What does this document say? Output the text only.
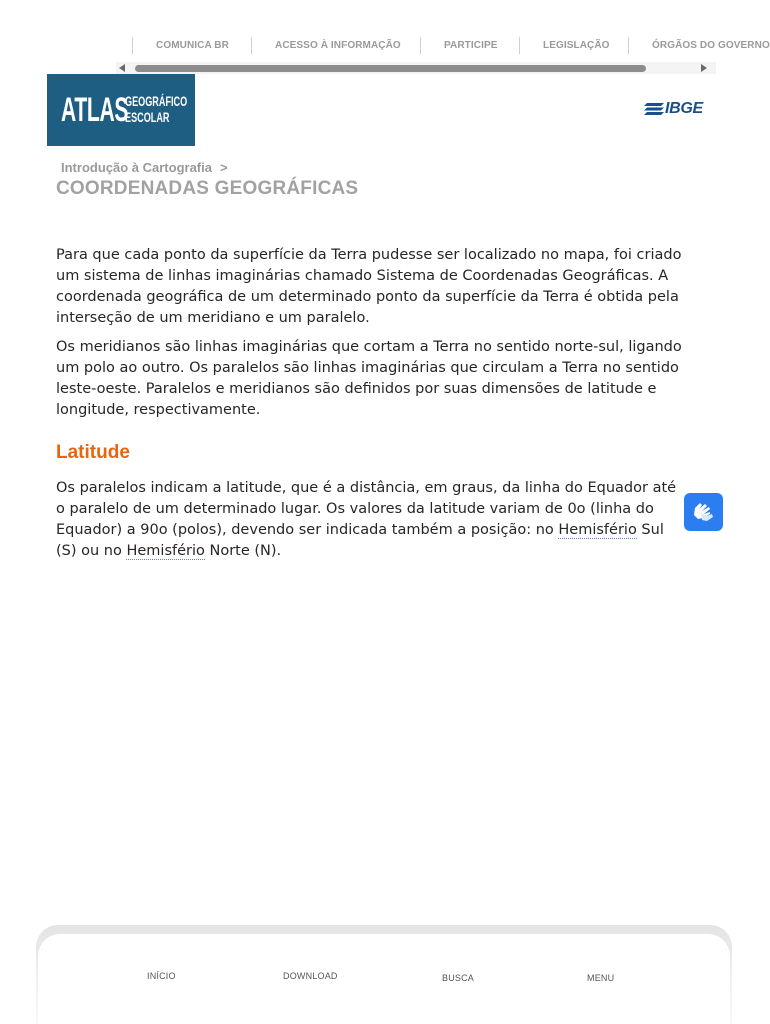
COMUNICA BR	ACESSO À INFORMAÇÃO	PARTICIPE	LEGISLAÇÃO	ÓRGÃOS DO GOVERNO
ATLAS
GEOGRÁFICO
ESCOLAR	IBGE
Introdução à Cartografia >
COORDENADAS GEOGRÁFICAS

Para que cada ponto da superfície da Terra pudesse ser localizado no mapa, foi criado um sistema de linhas imaginárias chamado Sistema de Coordenadas Geográficas. A coordenada geográfica de um determinado ponto da superfície da Terra é obtida pela interseção de um meridiano e um paralelo.

Os meridianos são linhas imaginárias que cortam a Terra no sentido norte-sul, ligando um polo ao outro. Os paralelos são linhas imaginárias que circulam a Terra no sentido leste-oeste. Paralelos e meridianos são definidos por suas dimensões de latitude e longitude, respectivamente.

Latitude
Os paralelos indicam a latitude, que é a distância, em graus, da linha do Equador até o paralelo de um determinado lugar. Os valores da latitude variam de 0o (linha do Equador) a 90o (polos), devendo ser indicada também a posição: no Hemisfério Sul (S) ou no Hemisfério Norte (N).
INÍCIO	DOWNLOAD	BUSCA	MENU
